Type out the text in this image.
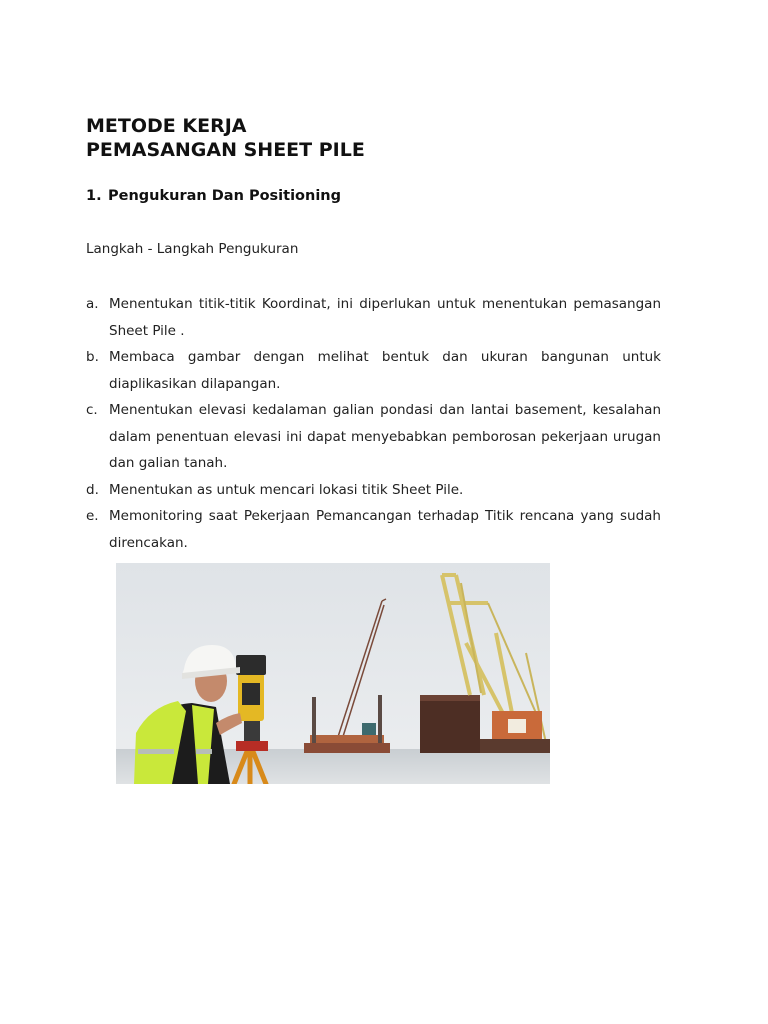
METODE KERJA
PEMASANGAN SHEET PILE
1. Pengukuran Dan Positioning
Langkah - Langkah Pengukuran
a. Menentukan titik-titik Koordinat, ini diperlukan untuk menentukan pemasangan Sheet Pile .
b. Membaca gambar dengan melihat bentuk dan ukuran bangunan untuk diaplikasikan dilapangan.
c. Menentukan elevasi kedalaman galian pondasi dan lantai basement, kesalahan dalam penentuan elevasi ini dapat menyebabkan pemborosan pekerjaan urugan dan galian tanah.
d. Menentukan as untuk mencari lokasi titik Sheet Pile.
e. Memonitoring saat Pekerjaan Pemancangan terhadap Titik rencana yang sudah direncakan.
